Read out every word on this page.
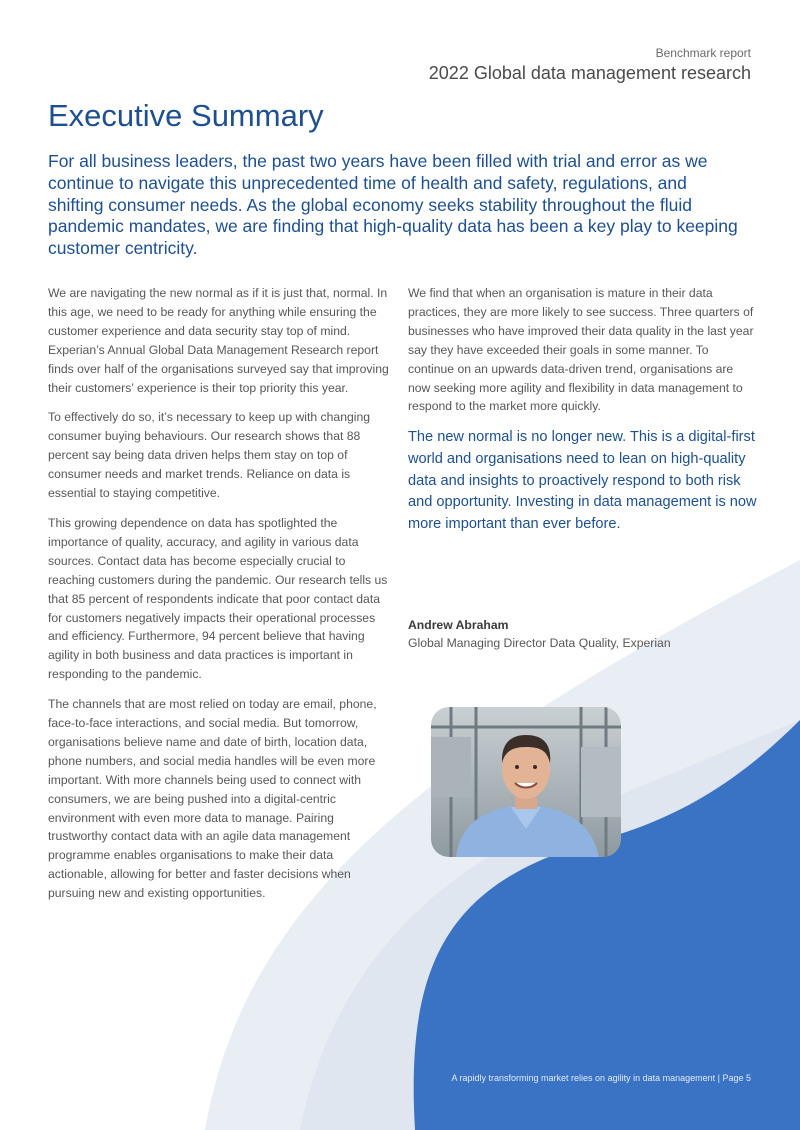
Benchmark report
2022 Global data management research
Executive Summary
For all business leaders, the past two years have been filled with trial and error as we continue to navigate this unprecedented time of health and safety, regulations, and shifting consumer needs. As the global economy seeks stability throughout the fluid pandemic mandates, we are finding that high-quality data has been a key play to keeping customer centricity.

We are navigating the new normal as if it is just that, normal. In this age, we need to be ready for anything while ensuring the customer experience and data security stay top of mind. Experian’s Annual Global Data Management Research report finds over half of the organisations surveyed say that improving their customers’ experience is their top priority this year.

To effectively do so, it’s necessary to keep up with changing consumer buying behaviours. Our research shows that 88 percent say being data driven helps them stay on top of consumer needs and market trends. Reliance on data is essential to staying competitive.

This growing dependence on data has spotlighted the importance of quality, accuracy, and agility in various data sources. Contact data has become especially crucial to reaching customers during the pandemic. Our research tells us that 85 percent of respondents indicate that poor contact data for customers negatively impacts their operational processes and efficiency. Furthermore, 94 percent believe that having agility in both business and data practices is important in responding to the pandemic.

The channels that are most relied on today are email, phone, face-to-face interactions, and social media. But tomorrow, organisations believe name and date of birth, location data, phone numbers, and social media handles will be even more important. With more channels being used to connect with consumers, we are being pushed into a digital-centric environment with even more data to manage. Pairing trustworthy contact data with an agile data management programme enables organisations to make their data actionable, allowing for better and faster decisions when pursuing new and existing opportunities.

We find that when an organisation is mature in their data practices, they are more likely to see success. Three quarters of businesses who have improved their data quality in the last year say they have exceeded their goals in some manner. To continue on an upwards data-driven trend, organisations are now seeking more agility and flexibility in data management to respond to the market more quickly.

The new normal is no longer new. This is a digital-first world and organisations need to lean on high-quality data and insights to proactively respond to both risk and opportunity. Investing in data management is now more important than ever before.

Andrew Abraham
Global Managing Director Data Quality, Experian
A rapidly transforming market relies on agility in data management | Page 5
